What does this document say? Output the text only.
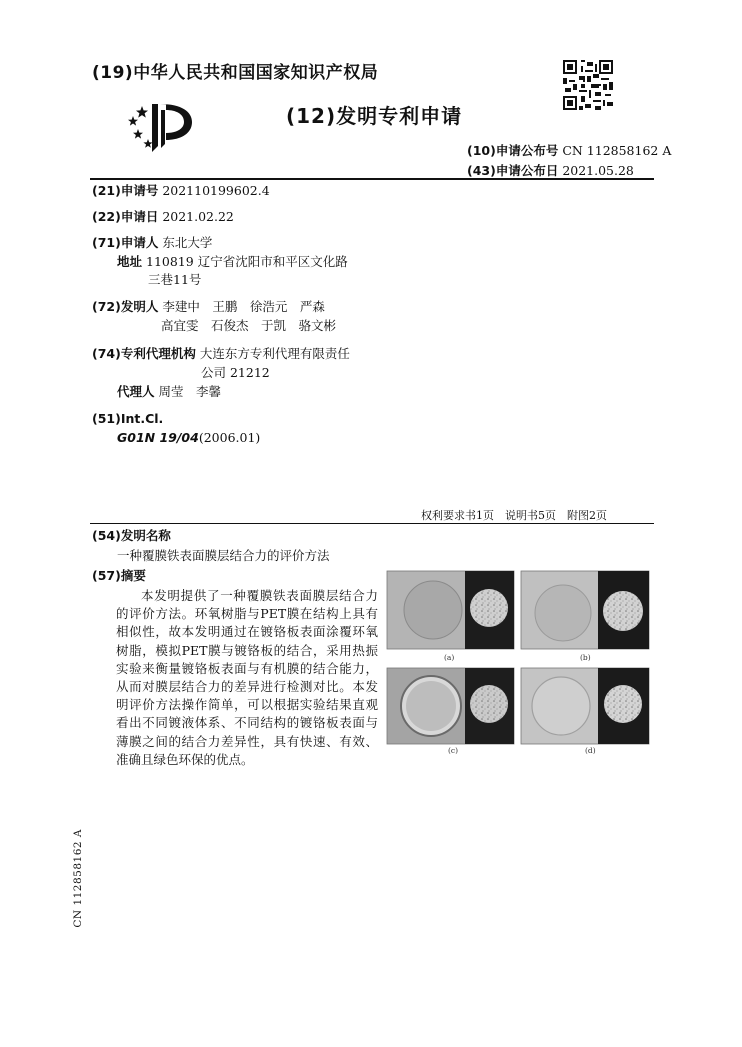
(19)中华人民共和国国家知识产权局
(12)发明专利申请
(10)申请公布号 CN 112858162 A
(43)申请公布日 2021.05.28
(21)申请号 202110199602.4
(22)申请日 2021.02.22
(71)申请人 东北大学
地址 110819 辽宁省沈阳市和平区文化路
三巷11号
(72)发明人 李建中　王鹏　徐浩元　严森
高宜雯　石俊杰　于凯　骆文彬
(74)专利代理机构 大连东方专利代理有限责任
公司 21212
代理人 周莹　李馨
(51)Int.Cl.
G01N 19/04(2006.01)
权利要求书1页　说明书5页　附图2页
(54)发明名称
一种覆膜铁表面膜层结合力的评价方法
(57)摘要
本发明提供了一种覆膜铁表面膜层结合力的评价方法。环氧树脂与PET膜在结构上具有相似性，故本发明通过在镀铬板表面涂覆环氧树脂，模拟PET膜与镀铬板的结合，采用热振实验来衡量镀铬板表面与有机膜的结合能力，从而对膜层结合力的差异进行检测对比。本发明评价方法操作简单，可以根据实验结果直观看出不同镀液体系、不同结构的镀铬板表面与薄膜之间的结合力差异性，具有快速、有效、准确且绿色环保的优点。
(a)	(b)
(c)	(d)
CN 112858162 A
